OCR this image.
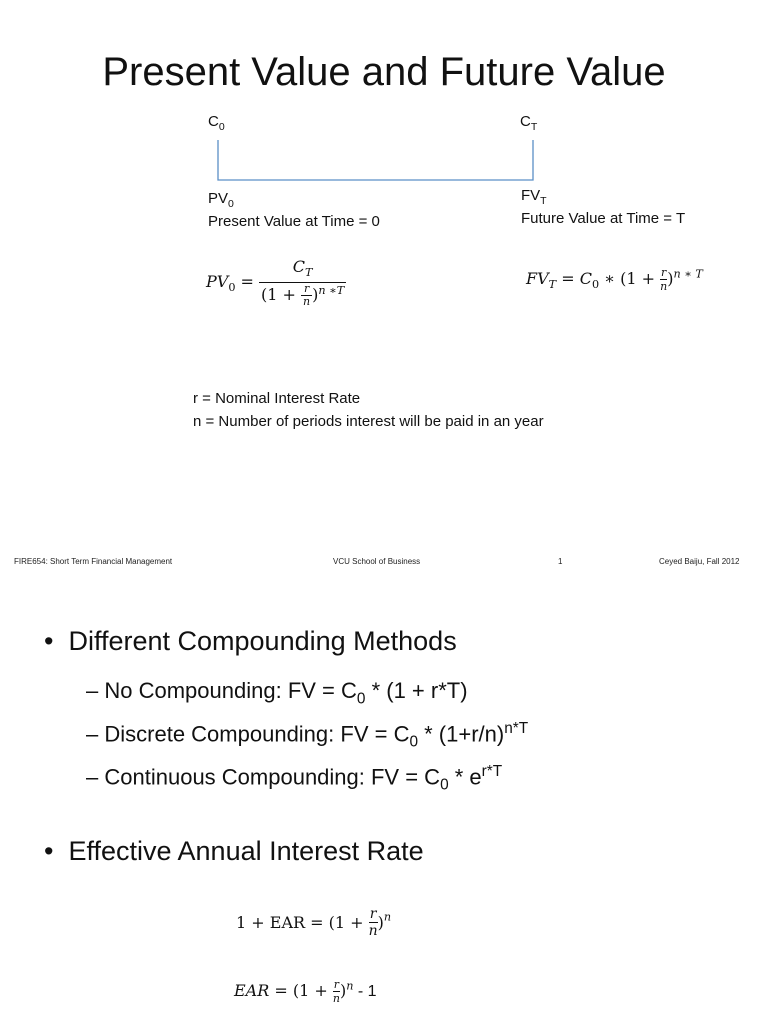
Present Value and Future Value
$C_0$	$C_T$
$PV_0$
Present Value at Time = 0
$FV_T$
Future Value at Time = T
$PV_0 = \frac{C_T}{(1 + \frac{r}{n} )^{n ∗T}}$	$FV_T = C_0$ ∗ $(1 + \frac{r}{n} )^{n ∗ T}$
r = Nominal Interest Rate
n = Number of periods interest will be paid in an year
FIRE654: Short Term Financial Management	VCU School of Business	1	Ceyed Baiju, Fall 2012
• Different Compounding Methods
– No Compounding: FV = $C_0 * (1 + r*T)$
– Discrete Compounding: FV = $C_0 * (1+r/n)^{n*T}$
– Continuous Compounding: FV = $C_0 * e^{r*T}$
• Effective Annual Interest Rate
1 + EAR = $(1 + \frac{r}{n} )^n$
EAR = $(1 + \frac{r}{n} )^n - 1$
